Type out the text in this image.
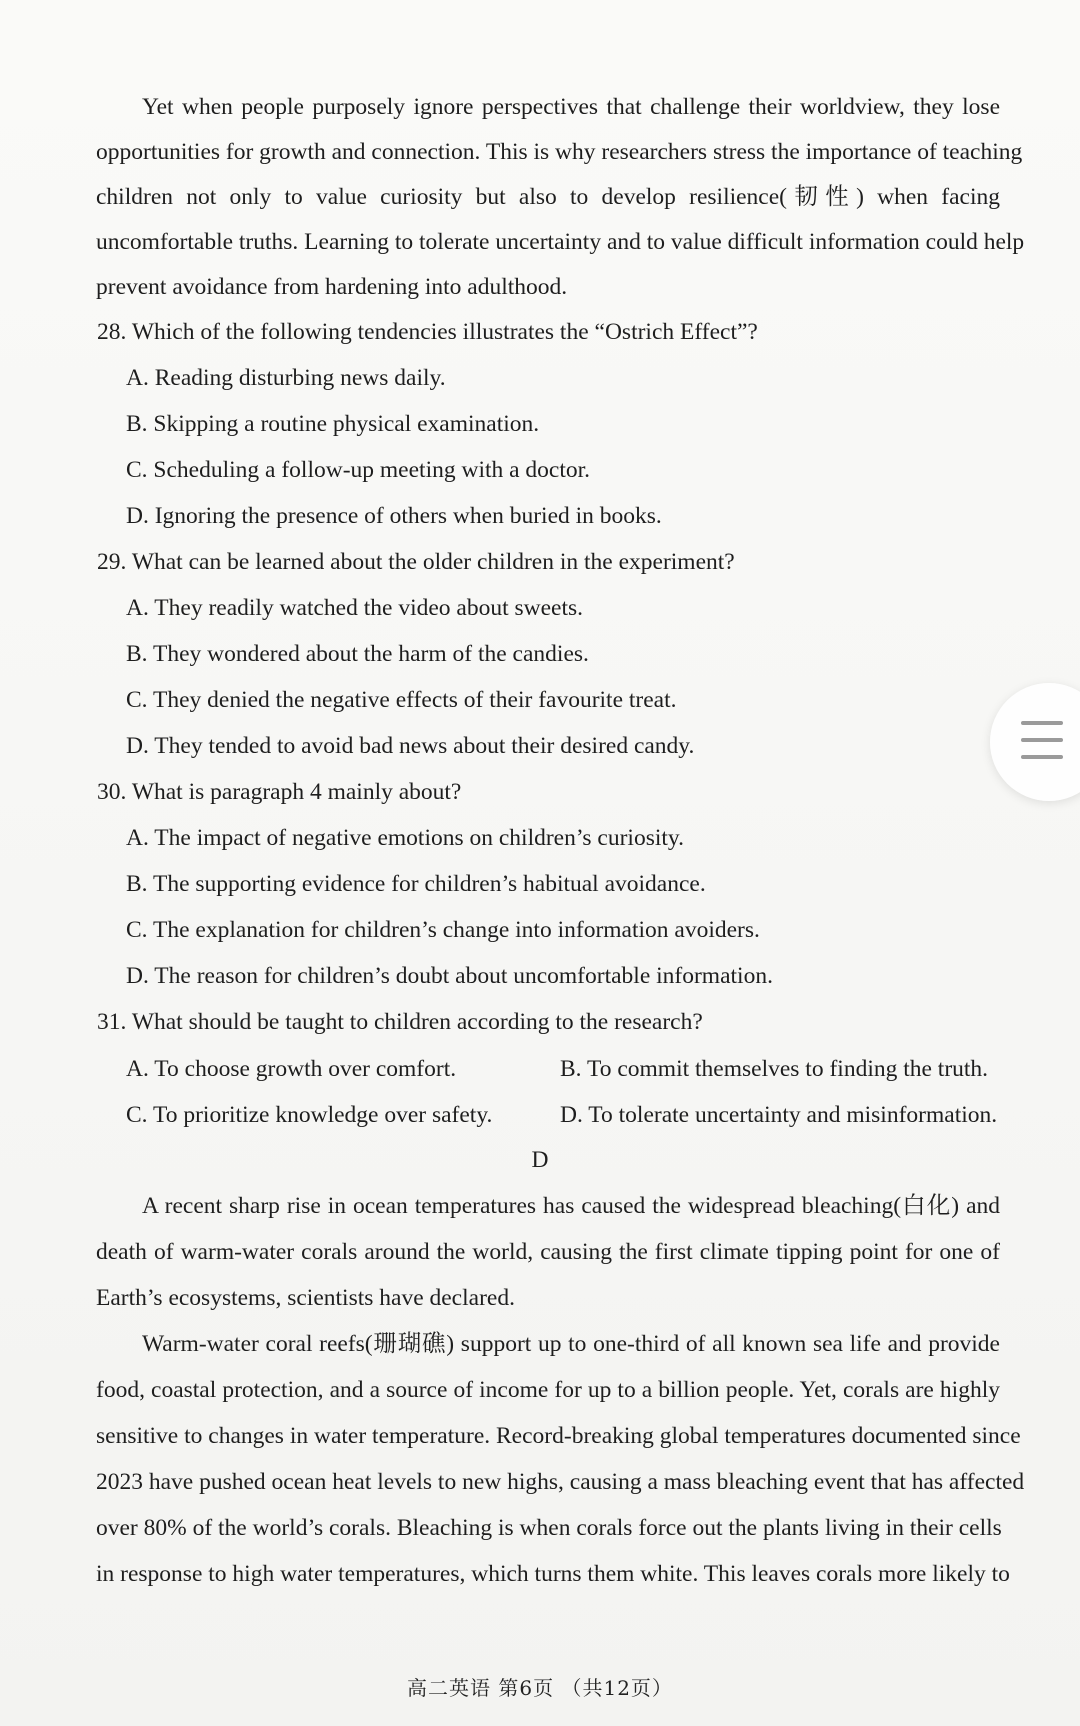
Yet when people purposely ignore perspectives that challenge their worldview, they lose
opportunities for growth and connection. This is why researchers stress the importance of teaching
children not only to value curiosity but also to develop resilience(韧性) when facing
uncomfortable truths. Learning to tolerate uncertainty and to value difficult information could help
prevent avoidance from hardening into adulthood.
28. Which of the following tendencies illustrates the “Ostrich Effect”?
A. Reading disturbing news daily.
B. Skipping a routine physical examination.
C. Scheduling a follow-up meeting with a doctor.
D. Ignoring the presence of others when buried in books.
29. What can be learned about the older children in the experiment?
A. They readily watched the video about sweets.
B. They wondered about the harm of the candies.
C. They denied the negative effects of their favourite treat.
D. They tended to avoid bad news about their desired candy.
30. What is paragraph 4 mainly about?
A. The impact of negative emotions on children’s curiosity.
B. The supporting evidence for children’s habitual avoidance.
C. The explanation for children’s change into information avoiders.
D. The reason for children’s doubt about uncomfortable information.
31. What should be taught to children according to the research?
A. To choose growth over comfort.	B. To commit themselves to finding the truth.
C. To prioritize knowledge over safety.	D. To tolerate uncertainty and misinformation.
D
A recent sharp rise in ocean temperatures has caused the widespread bleaching(白化) and
death of warm-water corals around the world, causing the first climate tipping point for one of
Earth’s ecosystems, scientists have declared.
Warm-water coral reefs(珊瑚礁) support up to one-third of all known sea life and provide
food, coastal protection, and a source of income for up to a billion people. Yet, corals are highly
sensitive to changes in water temperature. Record-breaking global temperatures documented since
2023 have pushed ocean heat levels to new highs, causing a mass bleaching event that has affected
over 80% of the world’s corals. Bleaching is when corals force out the plants living in their cells
in response to high water temperatures, which turns them white. This leaves corals more likely to
高二英语 第6页 （共12页）
